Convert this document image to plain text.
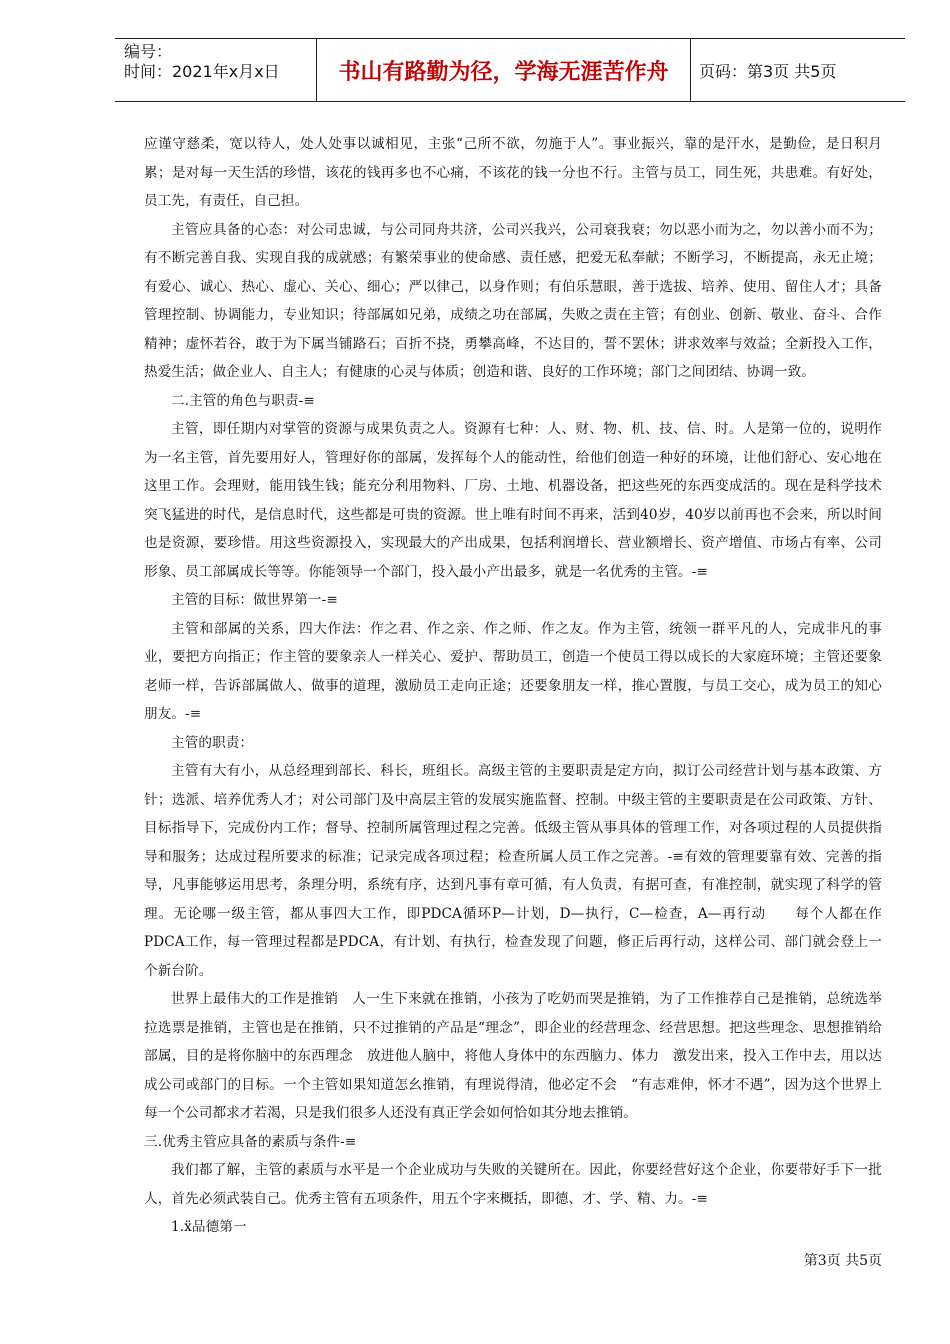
编号：
时间：2021年x月x日	书山有路勤为径，学海无涯苦作舟	页码：第3页 共5页

应谨守慈柔，宽以待人，处人处事以诚相见，主张“己所不欲，勿施于人”。事业振兴，靠的是汗水，是勤俭，是日积月累；是对每一天生活的珍惜，该花的钱再多也不心痛，不该花的钱一分也不行。主管与员工，同生死，共患难。有好处，员工先，有责任，自己担。

主管应具备的心态：对公司忠诚，与公司同舟共济，公司兴我兴，公司衰我衰；勿以恶小而为之，勿以善小而不为；有不断完善自我、实现自我的成就感；有繁荣事业的使命感、责任感，把爱无私奉献；不断学习，不断提高，永无止境；有爱心、诚心、热心、虚心、关心、细心；严以律己，以身作则；有伯乐慧眼，善于选拔、培养、使用、留住人才；具备管理控制、协调能力，专业知识；待部属如兄弟，成绩之功在部属，失败之责在主管；有创业、创新、敬业、奋斗、合作精神；虚怀若谷，敢于为下属当铺路石；百折不挠，勇攀高峰，不达目的，誓不罢休；讲求效率与效益；全新投入工作，热爱生活；做企业人、自主人；有健康的心灵与体质；创造和谐、良好的工作环境；部门之间团结、协调一致。

二.主管的角色与职责-≡

主管，即任期内对掌管的资源与成果负责之人。资源有七种：人、财、物、机、技、信、时。人是第一位的，说明作为一名主管，首先要用好人，管理好你的部属，发挥每个人的能动性，给他们创造一种好的环境，让他们舒心、安心地在这里工作。会理财，能用钱生钱；能充分利用物料、厂房、土地、机器设备，把这些死的东西变成活的。现在是科学技术突飞猛进的时代，是信息时代，这些都是可贵的资源。世上唯有时间不再来，活到40岁，40岁以前再也不会来，所以时间也是资源，要珍惜。用这些资源投入，实现最大的产出成果，包括利润增长、营业额增长、资产增值、市场占有率、公司形象、员工部属成长等等。你能领导一个部门，投入最小产出最多，就是一名优秀的主管。-≡

主管的目标：做世界第一-≡

主管和部属的关系，四大作法：作之君、作之亲、作之师、作之友。作为主管，统领一群平凡的人，完成非凡的事业，要把方向指正；作主管的要象亲人一样关心、爱护、帮助员工，创造一个使员工得以成长的大家庭环境；主管还要象老师一样，告诉部属做人、做事的道理，激励员工走向正途；还要象朋友一样，推心置腹，与员工交心，成为员工的知心朋友。-≡

主管的职责：

主管有大有小，从总经理到部长、科长，班组长。高级主管的主要职责是定方向，拟订公司经营计划与基本政策、方针；选派、培养优秀人才；对公司部门及中高层主管的发展实施监督、控制。中级主管的主要职责是在公司政策、方针、目标指导下，完成份内工作；督导、控制所属管理过程之完善。低级主管从事具体的管理工作，对各项过程的人员提供指导和服务；达成过程所要求的标准；记录完成各项过程；检查所属人员工作之完善。-≡有效的管理要靠有效、完善的指导，凡事能够运用思考，条理分明，系统有序，达到凡事有章可循，有人负责，有据可查，有准控制，就实现了科学的管理。无论哪一级主管，都从事四大工作，即PDCA循环P—计划，D—执行，C—检查，A—再行动　　每个人都在作PDCA工作，每一管理过程都是PDCA，有计划、有执行，检查发现了问题，修正后再行动，这样公司、部门就会登上一个新台阶。

世界上最伟大的工作是推销　人一生下来就在推销，小孩为了吃奶而哭是推销，为了工作推荐自己是推销，总统选举拉选票是推销，主管也是在推销，只不过推销的产品是“理念”，即企业的经营理念、经营思想。把这些理念、思想推销给部属，目的是将你脑中的东西理念　放进他人脑中，将他人身体中的东西脑力、体力　激发出来，投入工作中去，用以达成公司或部门的目标。一个主管如果知道怎幺推销，有理说得清，他必定不会　“有志难伸，怀才不遇”，因为这个世界上每一个公司都求才若渴，只是我们很多人还没有真正学会如何恰如其分地去推销。

三.优秀主管应具备的素质与条件-≡

我们都了解，主管的素质与水平是一个企业成功与失败的关键所在。因此，你要经营好这个企业，你要带好手下一批人，首先必须武装自己。优秀主管有五项条件，用五个字来概括，即德、才、学、精、力。-≡

1.ẍ品德第一

第3页 共5页
